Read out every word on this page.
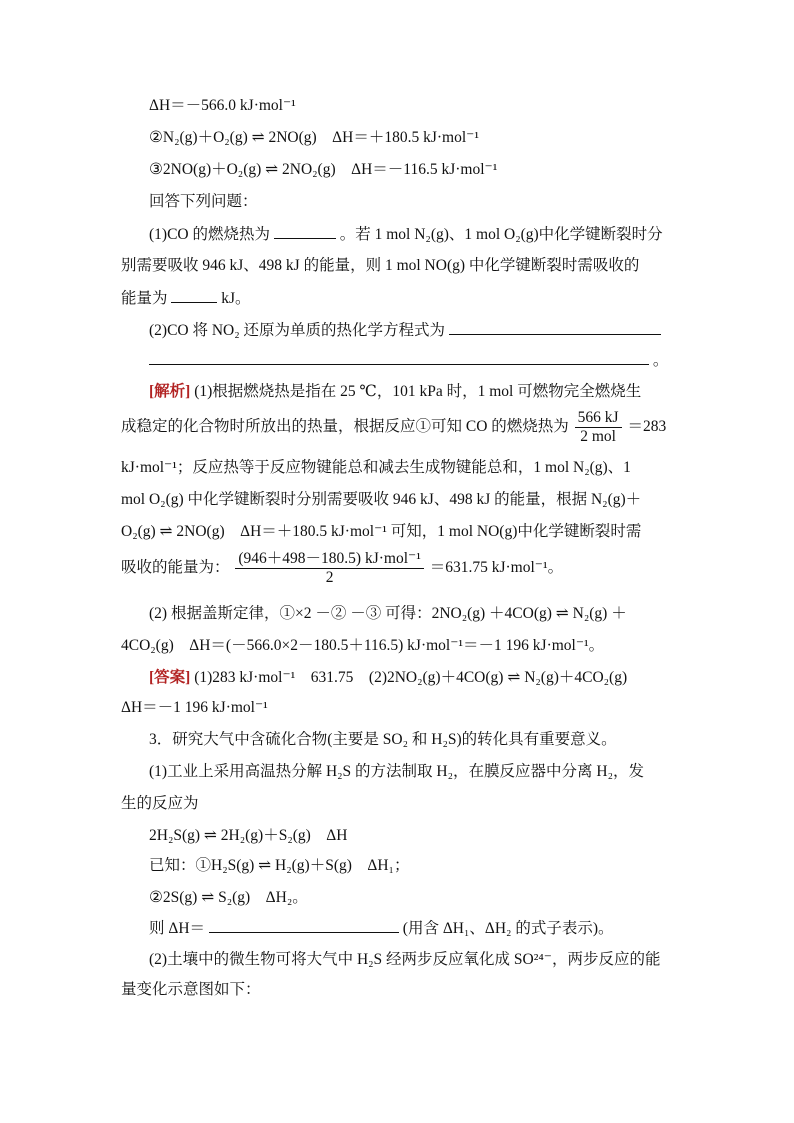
ΔH＝－566.0 kJ·mol⁻¹
②N₂(g)＋O₂(g) ⇌ 2NO(g)　ΔH＝＋180.5 kJ·mol⁻¹
③2NO(g)＋O₂(g) ⇌ 2NO₂(g)　ΔH＝－116.5 kJ·mol⁻¹
回答下列问题：
(1)CO 的燃烧热为	。若 1 mol N₂(g)、1 mol O₂(g)中化学键断裂时分
别需要吸收 946 kJ、498 kJ 的能量，则 1 mol NO(g) 中化学键断裂时需吸收的
能量为	kJ。
(2)CO 将 NO₂ 还原为单质的热化学方程式为
。
[解析] (1)根据燃烧热是指在 25 ℃，101 kPa 时，1 mol 可燃物完全燃烧生
成稳定的化合物时所放出的热量，根据反应①可知 CO 的燃烧热为 $\frac{566 kJ}{\text{2 mol}} =283$
kJ·mol⁻¹；反应热等于反应物键能总和减去生成物键能总和，1 mol N₂(g)、1
mol O₂(g) 中化学键断裂时分别需要吸收 946 kJ、498 kJ 的能量，根据 N₂(g)＋
O₂(g) ⇌ 2NO(g)　ΔH＝＋180.5 kJ·mol⁻¹ 可知，1 mol NO(g)中化学键断裂时需
吸收的能量为： $\frac{\text{(946＋498－180.5) kJ·mol⁻¹}}{2} =631.75$ kJ·mol⁻¹。
(2) 根据盖斯定律，①×2 －② －③ 可得：2NO₂(g) ＋4CO(g) ⇌ N₂(g) ＋
4CO₂(g)　ΔH＝(－566.0×2－180.5＋116.5) kJ·mol⁻¹＝－1 196 kJ·mol⁻¹。
[答案] (1)283 kJ·mol⁻¹　631.75　(2)2NO₂(g)＋4CO(g) ⇌ N₂(g)＋4CO₂(g)
ΔH＝－1 196 kJ·mol⁻¹
3．研究大气中含硫化合物(主要是 SO₂ 和 H₂S)的转化具有重要意义。
(1)工业上采用高温热分解 H₂S 的方法制取 H₂，在膜反应器中分离 H₂，发
生的反应为
2H₂S(g) ⇌ 2H₂(g)＋S₂(g)　ΔH
已知：①H₂S(g) ⇌ H₂(g)＋S(g)　ΔH₁；
②2S(g) ⇌ S₂(g)　ΔH₂。
则 ΔH＝	(用含 ΔH₁、ΔH₂ 的式子表示)。
(2)土壤中的微生物可将大气中 H₂S 经两步反应氧化成 SO²⁴⁻，两步反应的能
量变化示意图如下：
